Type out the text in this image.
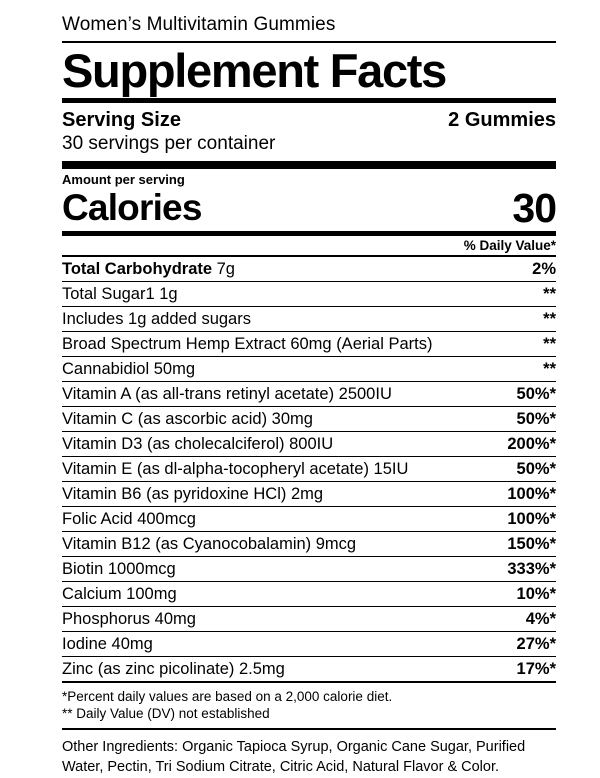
Women’s Multivitamin Gummies
Supplement Facts
Serving Size	2 Gummies
30 servings per container
Amount per serving
Calories	30
% Daily Value*
Total Carbohydrate 7g	2%
Total Sugar1 1g	**
Includes 1g added sugars	**
Broad Spectrum Hemp Extract 60mg (Aerial Parts)	**
Cannabidiol 50mg	**
Vitamin A (as all-trans retinyl acetate) 2500IU	50%*
Vitamin C (as ascorbic acid) 30mg	50%*
Vitamin D3 (as cholecalciferol) 800IU	200%*
Vitamin E (as dl-alpha-tocopheryl acetate) 15IU	50%*
Vitamin B6 (as pyridoxine HCl) 2mg	100%*
Folic Acid 400mcg	100%*
Vitamin B12 (as Cyanocobalamin) 9mcg	150%*
Biotin 1000mcg	333%*
Calcium 100mg	10%*
Phosphorus 40mg	4%*
Iodine 40mg	27%*
Zinc (as zinc picolinate) 2.5mg	17%*
*Percent daily values are based on a 2,000 calorie diet.
** Daily Value (DV) not established
Other Ingredients: Organic Tapioca Syrup, Organic Cane Sugar, Purified Water, Pectin, Tri Sodium Citrate, Citric Acid, Natural Flavor & Color.
